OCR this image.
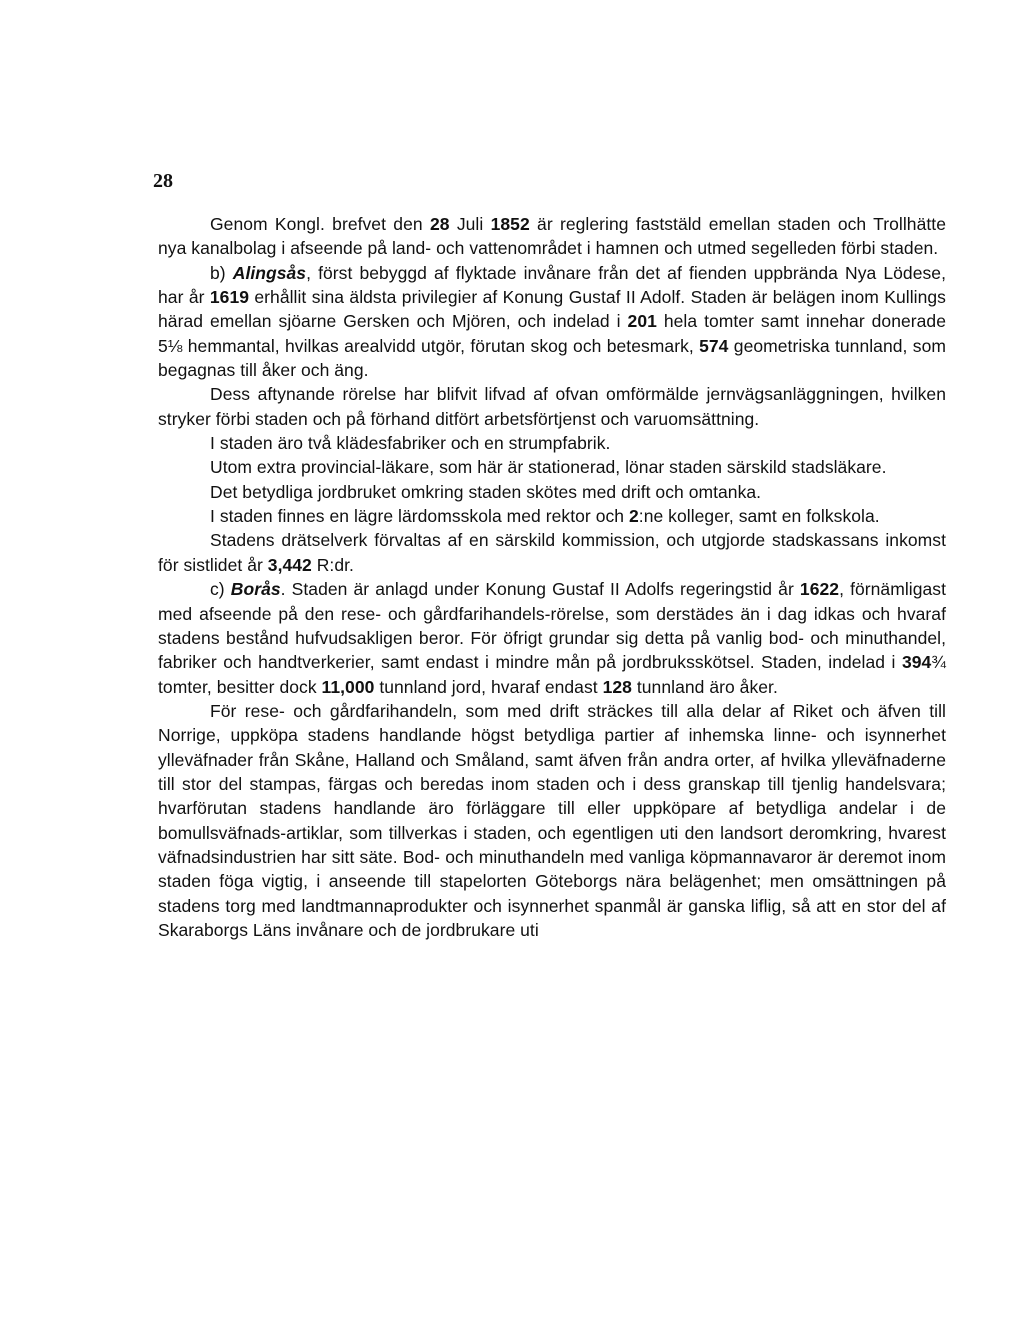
28

Genom Kongl. brefvet den 28 Juli 1852 är reglering faststäld emellan staden och Trollhätte nya kanalbolag i afseende på land- och vattenområdet i hamnen och utmed segelleden förbi staden.

b) Alingsås, först bebyggd af flyktade invånare från det af fienden uppbrända Nya Lödese, har år 1619 erhållit sina äldsta privilegier af Konung Gustaf II Adolf. Staden är belägen inom Kullings härad emellan sjöarne Gersken och Mjören, och indelad i 201 hela tomter samt innehar donerade 5⅛ hemmantal, hvilkas arealvidd utgör, förutan skog och betesmark, 574 geometriska tunnland, som begagnas till åker och äng.

Dess aftynande rörelse har blifvit lifvad af ofvan omförmälde jernvägsanläggningen, hvilken stryker förbi staden och på förhand ditfört arbetsförtjenst och varuomsättning.

I staden äro två klädesfabriker och en strumpfabrik.

Utom extra provincial-läkare, som här är stationerad, lönar staden särskild stadsläkare.

Det betydliga jordbruket omkring staden skötes med drift och omtanka.

I staden finnes en lägre lärdomsskola med rektor och 2:ne kolleger, samt en folkskola.

Stadens drätselverk förvaltas af en särskild kommission, och utgjorde stadskassans inkomst för sistlidet år 3,442 R:dr.

c) Borås. Staden är anlagd under Konung Gustaf II Adolfs regeringstid år 1622, förnämligast med afseende på den rese- och gårdfarihandels-rörelse, som derstädes än i dag idkas och hvaraf stadens bestånd hufvudsakligen beror. För öfrigt grundar sig detta på vanlig bod- och minuthandel, fabriker och handtverkerier, samt endast i mindre mån på jordbruksskötsel. Staden, indelad i 394¾ tomter, besitter dock 11,000 tunnland jord, hvaraf endast 128 tunnland äro åker.

För rese- och gårdfarihandeln, som med drift sträckes till alla delar af Riket och äfven till Norrige, uppköpa stadens handlande högst betydliga partier af inhemska linne- och isynnerhet ylleväfnader från Skåne, Halland och Småland, samt äfven från andra orter, af hvilka ylleväfnaderne till stor del stampas, färgas och beredas inom staden och i dess granskap till tjenlig handelsvara; hvarförutan stadens handlande äro förläggare till eller uppköpare af betydliga andelar i de bomullsväfnads-artiklar, som tillverkas i staden, och egentligen uti den landsort deromkring, hvarest väfnadsindustrien har sitt säte. Bod- och minuthandeln med vanliga köpmannavaror är deremot inom staden föga vigtig, i anseende till stapelorten Göteborgs nära belägenhet; men omsättningen på stadens torg med landtmannaprodukter och isynnerhet spanmål är ganska liflig, så att en stor del af Skaraborgs Läns invånare och de jordbrukare uti
